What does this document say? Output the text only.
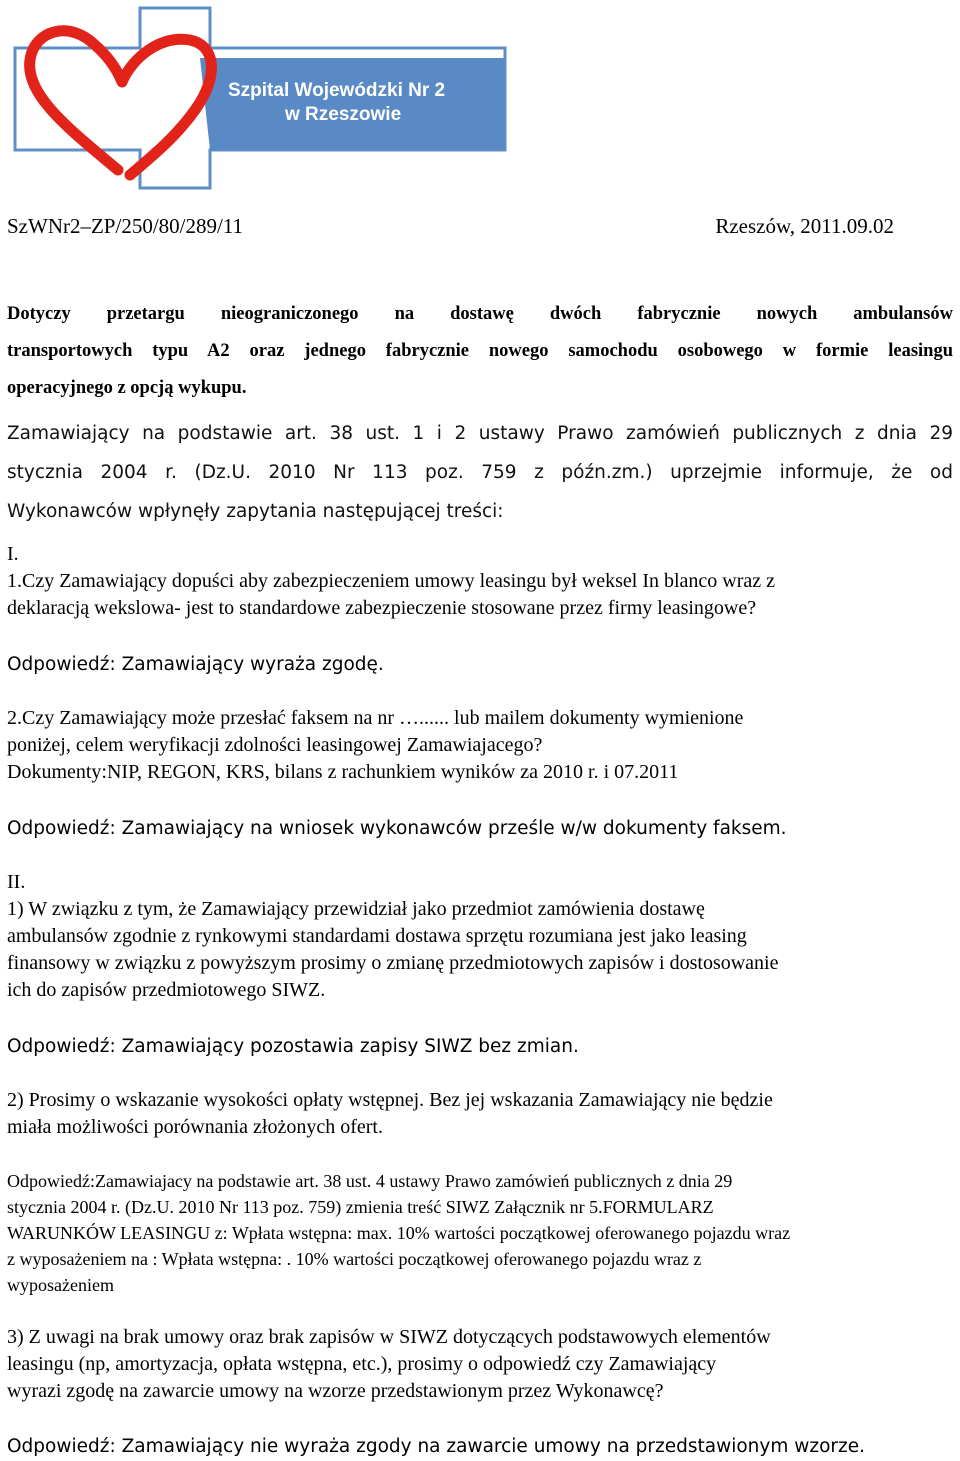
Szpital Wojewódzki Nr 2
w Rzeszowie
SzWNr2–ZP/250/80/289/11	Rzeszów, 2011.09.02

Dotyczy przetargu nieograniczonego na dostawę dwóch fabrycznie nowych ambulansów

transportowych typu A2 oraz jednego fabrycznie nowego samochodu osobowego w formie leasingu

operacyjnego z opcją wykupu.

Zamawiający na podstawie art. 38 ust. 1 i 2 ustawy Prawo zamówień publicznych z dnia 29

stycznia 2004 r. (Dz.U. 2010 Nr 113 poz. 759 z późn.zm.) uprzejmie informuje, że od

Wykonawców wpłynęły zapytania następującej treści:

I.

1.Czy Zamawiający dopuści aby zabezpieczeniem umowy leasingu był weksel In blanco wraz z

deklaracją wekslowa- jest to standardowe zabezpieczenie stosowane przez firmy leasingowe?

Odpowiedź: Zamawiający wyraża zgodę.

2.Czy Zamawiający może przesłać faksem na nr …...... lub mailem dokumenty wymienione

poniżej, celem weryfikacji zdolności leasingowej Zamawiajacego?

Dokumenty:NIP, REGON, KRS, bilans z rachunkiem wyników za 2010 r. i 07.2011

Odpowiedź: Zamawiający na wniosek wykonawców prześle w/w dokumenty faksem.
II.

1) W związku z tym, że Zamawiający przewidział jako przedmiot zamówienia dostawę

ambulansów zgodnie z rynkowymi standardami dostawa sprzętu rozumiana jest jako leasing

finansowy w związku z powyższym prosimy o zmianę przedmiotowych zapisów i dostosowanie

ich do zapisów przedmiotowego SIWZ.

Odpowiedź: Zamawiający pozostawia zapisy SIWZ bez zmian.

2) Prosimy o wskazanie wysokości opłaty wstępnej. Bez jej wskazania Zamawiający nie będzie

miała możliwości porównania złożonych ofert.

Odpowiedź:Zamawiajacy na podstawie art. 38 ust. 4 ustawy Prawo zamówień publicznych z dnia 29

stycznia 2004 r. (Dz.U. 2010 Nr 113 poz. 759) zmienia treść SIWZ Załącznik nr 5.FORMULARZ

WARUNKÓW LEASINGU z: Wpłata wstępna: max. 10% wartości początkowej oferowanego pojazdu wraz

z wyposażeniem na : Wpłata wstępna: . 10% wartości początkowej oferowanego pojazdu wraz z

wyposażeniem

3) Z uwagi na brak umowy oraz brak zapisów w SIWZ dotyczących podstawowych elementów

leasingu (np, amortyzacja, opłata wstępna, etc.), prosimy o odpowiedź czy Zamawiający

wyrazi zgodę na zawarcie umowy na wzorze przedstawionym przez Wykonawcę?

Odpowiedź: Zamawiający nie wyraża zgody na zawarcie umowy na przedstawionym wzorze.
